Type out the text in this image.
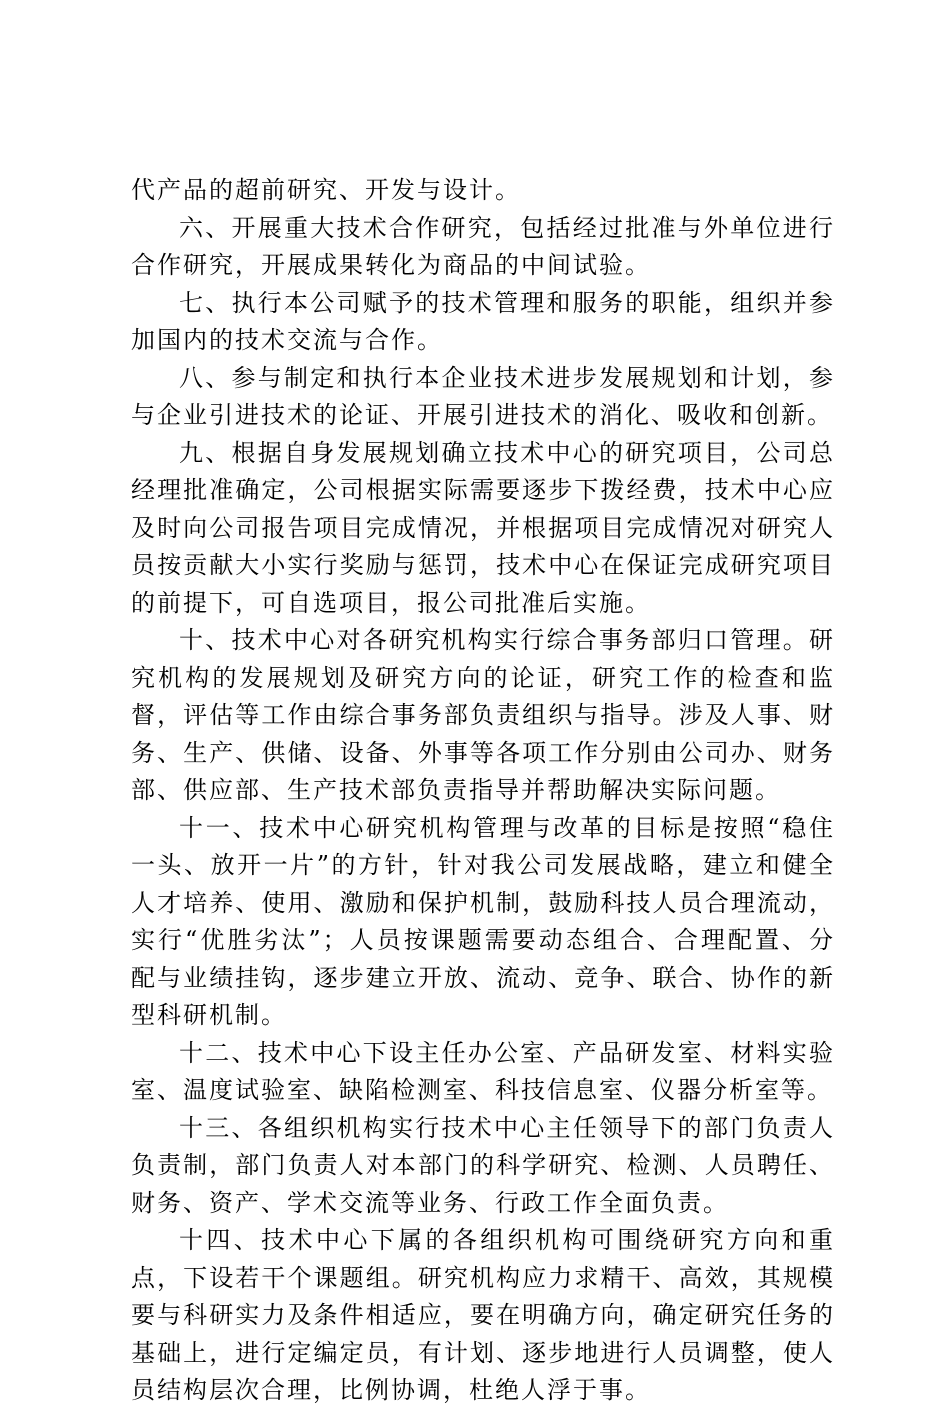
代产品的超前研究、开发与设计。

六、开展重大技术合作研究，包括经过批准与外单位进行合作研究，开展成果转化为商品的中间试验。

七、执行本公司赋予的技术管理和服务的职能，组织并参加国内的技术交流与合作。

八、参与制定和执行本企业技术进步发展规划和计划，参与企业引进技术的论证、开展引进技术的消化、吸收和创新。

九、根据自身发展规划确立技术中心的研究项目，公司总经理批准确定，公司根据实际需要逐步下拨经费，技术中心应及时向公司报告项目完成情况，并根据项目完成情况对研究人员按贡献大小实行奖励与惩罚，技术中心在保证完成研究项目的前提下，可自选项目，报公司批准后实施。

十、技术中心对各研究机构实行综合事务部归口管理。研究机构的发展规划及研究方向的论证，研究工作的检查和监督，评估等工作由综合事务部负责组织与指导。涉及人事、财务、生产、供储、设备、外事等各项工作分别由公司办、财务部、供应部、生产技术部负责指导并帮助解决实际问题。

十一、技术中心研究机构管理与改革的目标是按照“稳住一头、放开一片”的方针，针对我公司发展战略，建立和健全人才培养、使用、激励和保护机制，鼓励科技人员合理流动，实行“优胜劣汰”；人员按课题需要动态组合、合理配置、分配与业绩挂钩，逐步建立开放、流动、竞争、联合、协作的新型科研机制。

十二、技术中心下设主任办公室、产品研发室、材料实验室、温度试验室、缺陷检测室、科技信息室、仪器分析室等。

十三、各组织机构实行技术中心主任领导下的部门负责人负责制，部门负责人对本部门的科学研究、检测、人员聘任、财务、资产、学术交流等业务、行政工作全面负责。

十四、技术中心下属的各组织机构可围绕研究方向和重点，下设若干个课题组。研究机构应力求精干、高效，其规模要与科研实力及条件相适应，要在明确方向，确定研究任务的基础上，进行定编定员，有计划、逐步地进行人员调整，使人员结构层次合理，比例协调，杜绝人浮于事。
